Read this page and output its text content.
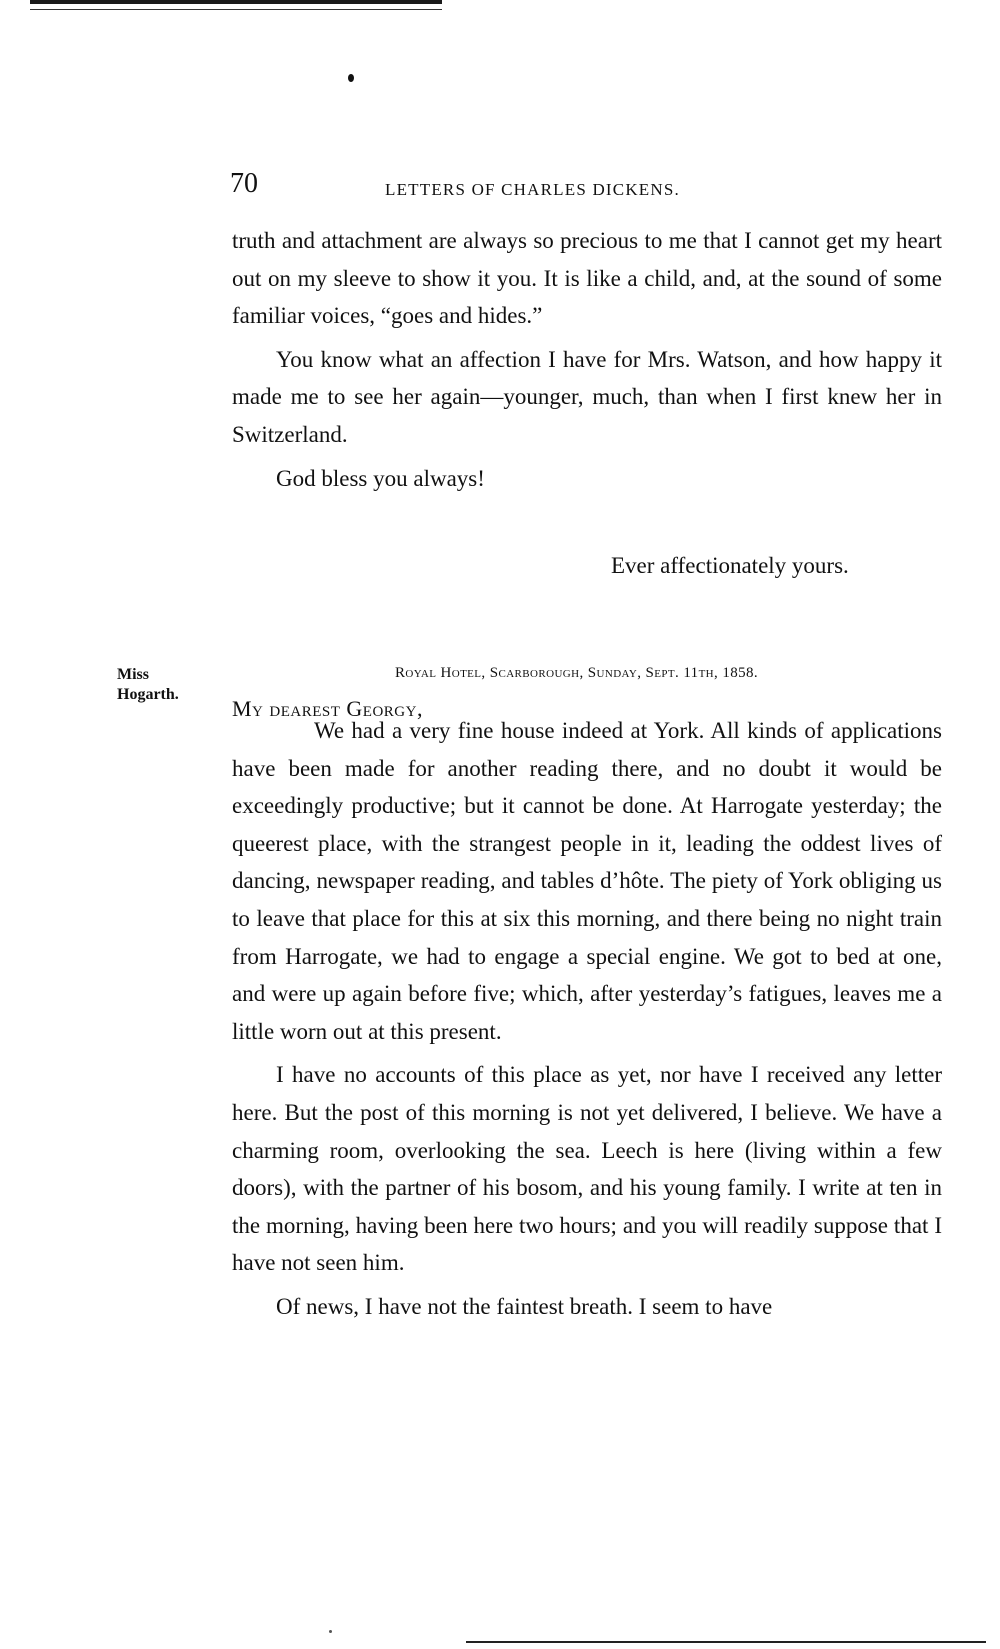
70	LETTERS OF CHARLES DICKENS.

truth and attachment are always so precious to me that I cannot get my heart out on my sleeve to show it you. It is like a child, and, at the sound of some familiar voices, “goes and hides.”

You know what an affection I have for Mrs. Watson, and how happy it made me to see her again—younger, much, than when I first knew her in Switzerland.

God bless you always!

Ever affectionately yours.
Miss
Hogarth.
Royal Hotel, Scarborough, Sunday, Sept. 11th, 1858.
My dearest Georgy,

We had a very fine house indeed at York. All kinds of applications have been made for another reading there, and no doubt it would be exceedingly productive; but it cannot be done. At Harrogate yesterday; the queerest place, with the strangest people in it, leading the oddest lives of dancing, newspaper reading, and tables d’hôte. The piety of York obliging us to leave that place for this at six this morning, and there being no night train from Harrogate, we had to engage a special engine. We got to bed at one, and were up again before five; which, after yesterday’s fatigues, leaves me a little worn out at this present.

I have no accounts of this place as yet, nor have I received any letter here. But the post of this morning is not yet delivered, I believe. We have a charming room, overlooking the sea. Leech is here (living within a few doors), with the partner of his bosom, and his young family. I write at ten in the morning, having been here two hours; and you will readily suppose that I have not seen him.

Of news, I have not the faintest breath. I seem to have
